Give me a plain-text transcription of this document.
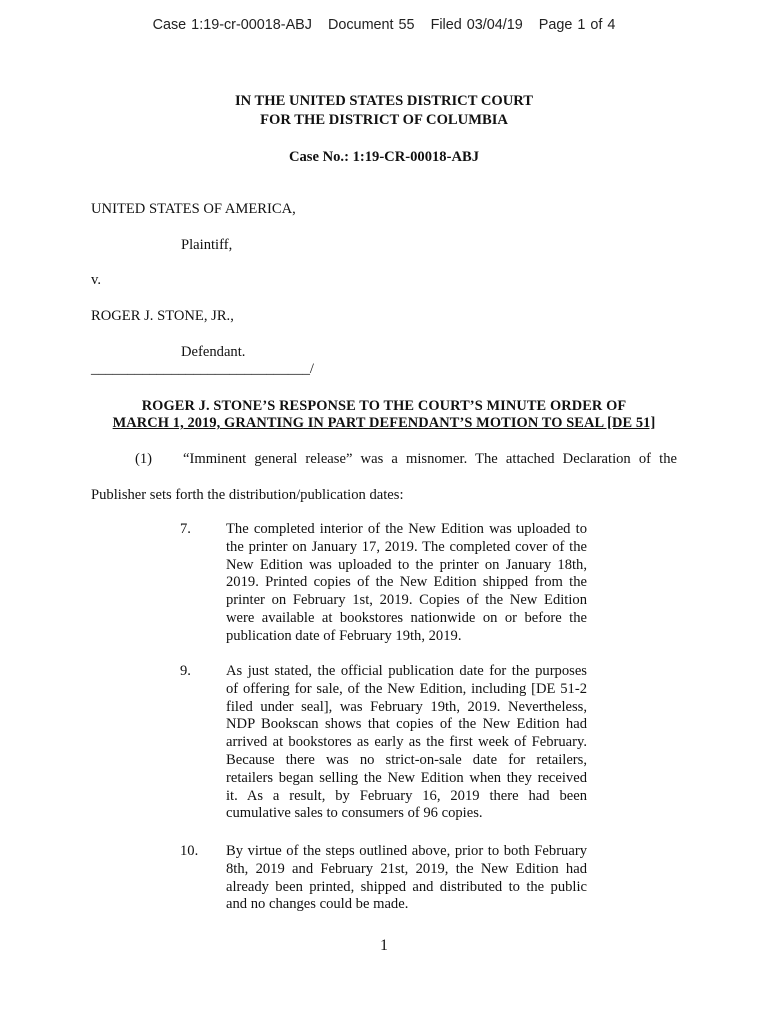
Case 1:19-cr-00018-ABJ Document 55 Filed 03/04/19 Page 1 of 4
IN THE UNITED STATES DISTRICT COURT
FOR THE DISTRICT OF COLUMBIA
Case No.: 1:19-CR-00018-ABJ
UNITED STATES OF AMERICA,
Plaintiff,
v.
ROGER J. STONE, JR.,
Defendant.
______________________________/
ROGER J. STONE’S RESPONSE TO THE COURT’S MINUTE ORDER OF
MARCH 1, 2019, GRANTING IN PART DEFENDANT’S MOTION TO SEAL [DE 51]
(1) “Imminent general release” was a misnomer. The attached Declaration of the
Publisher sets forth the distribution/publication dates:
7. The completed interior of the New Edition was uploaded to
the printer on January 17, 2019. The completed cover of the
New Edition was uploaded to the printer on January 18th,
2019. Printed copies of the New Edition shipped from the
printer on February 1st, 2019. Copies of the New Edition
were available at bookstores nationwide on or before the
publication date of February 19th, 2019.
9. As just stated, the official publication date for the purposes
of offering for sale, of the New Edition, including [DE 51-2
filed under seal], was February 19th, 2019. Nevertheless,
NDP Bookscan shows that copies of the New Edition had
arrived at bookstores as early as the first week of February.
Because there was no strict-on-sale date for retailers,
retailers began selling the New Edition when they received
it. As a result, by February 16, 2019 there had been
cumulative sales to consumers of 96 copies.
10. By virtue of the steps outlined above, prior to both February
8th, 2019 and February 21st, 2019, the New Edition had
already been printed, shipped and distributed to the public
and no changes could be made.
1
